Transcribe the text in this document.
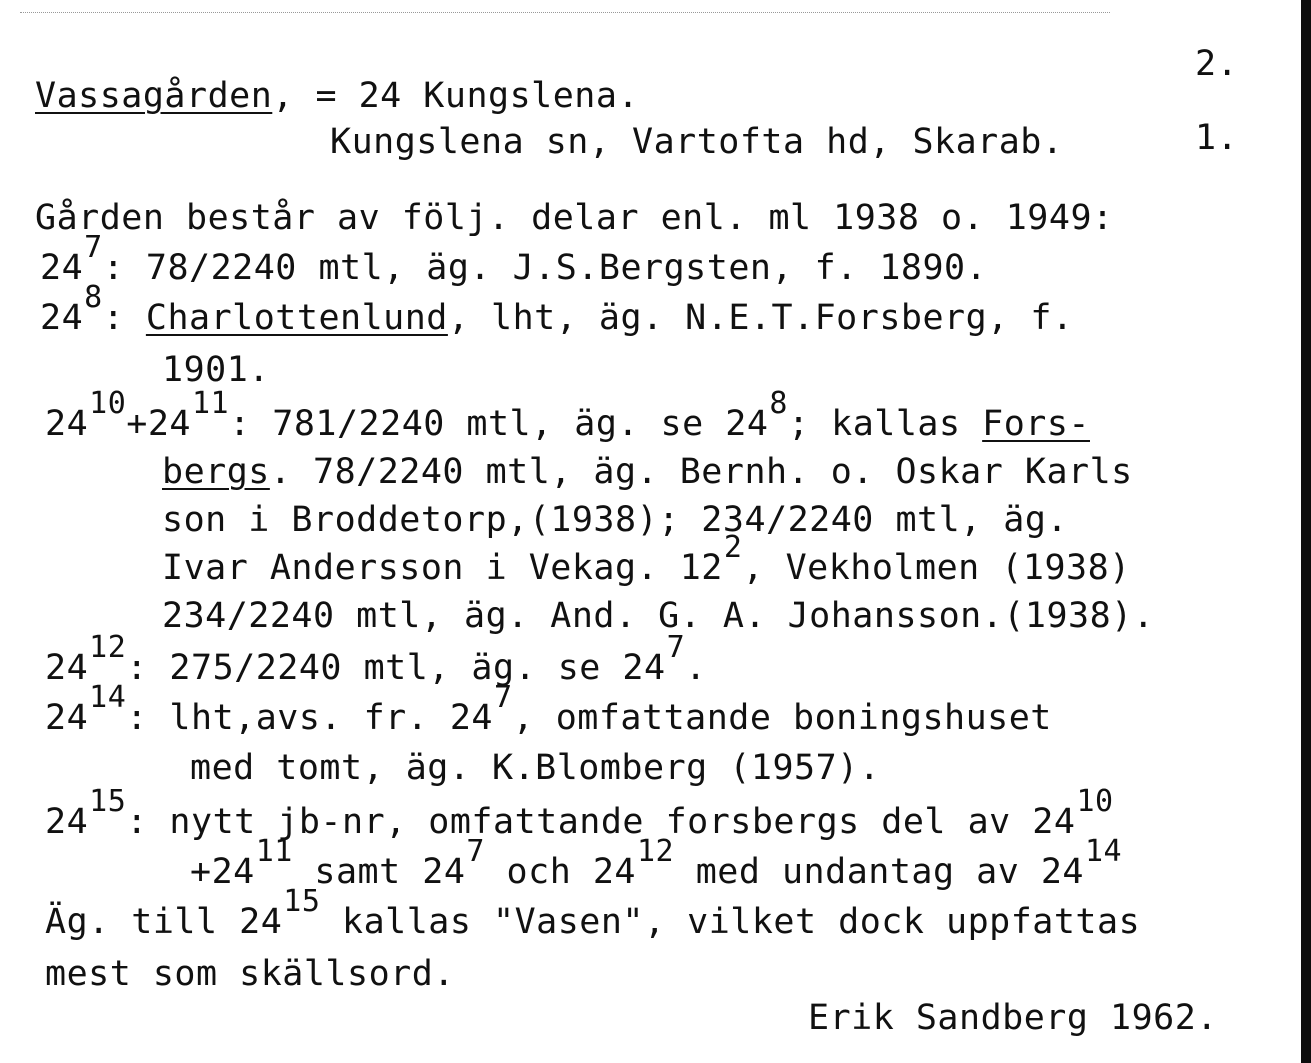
2.
Vassagården, = 24 Kungslena.
Kungslena sn, Vartofta hd, Skarab.	1.
Gården består av följ. delar enl. ml 1938 o. 1949:
247: 78/2240 mtl, äg. J.S.Bergsten, f. 1890.
248: Charlottenlund, lht, äg. N.E.T.Forsberg, f.
1901.
2410+2411: 781/2240 mtl, äg. se 248; kallas Fors-
bergs. 78/2240 mtl, äg. Bernh. o. Oskar Karls
son i Broddetorp,(1938); 234/2240 mtl, äg.
Ivar Andersson i Vekag. 122, Vekholmen (1938)
234/2240 mtl, äg. And. G. A. Johansson.(1938).
2412: 275/2240 mtl, äg. se 247.
2414: lht,avs. fr. 247, omfattande boningshuset
med tomt, äg. K.Blomberg (1957).
2415: nytt jb-nr, omfattande forsbergs del av 2410
+2411 samt 247 och 2412 med undantag av 2414
Äg. till 2415 kallas "Vasen", vilket dock uppfattas
mest som skällsord.
Erik Sandberg 1962.
